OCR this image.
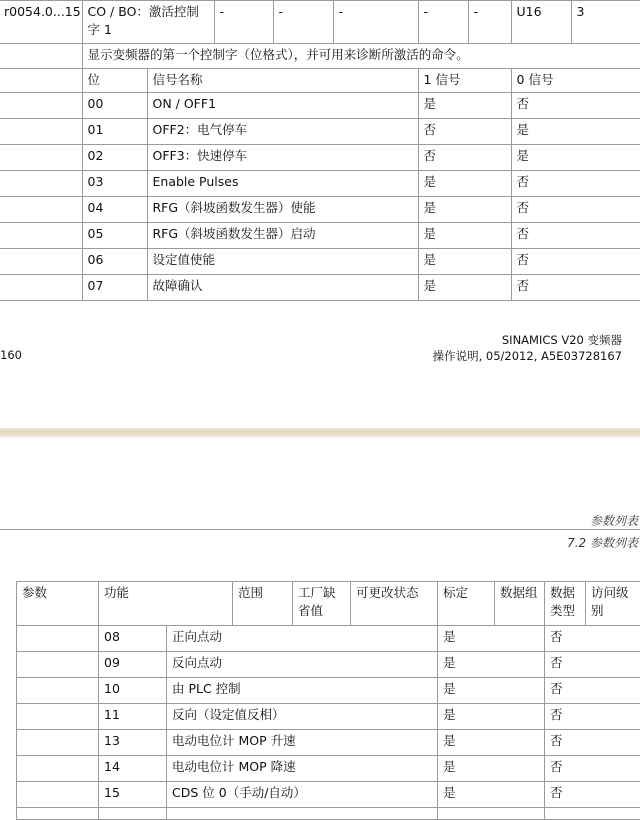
r0054.0...15	CO / BO：激活控制字 1		-	-	-	-	-	U16	3
	显示变频器的第一个控制字（位格式），并可用来诊断所激活的命令。								
	位	信号名称				1 信号		0 信号	
	00	ON / OFF1				是		否	
	01	OFF2：电气停车				否		是	
	02	OFF3：快速停车				否		是	
	03	Enable Pulses				是		否	
	04	RFG（斜坡函数发生器）使能				是		否	
	05	RFG（斜坡函数发生器）启动				是		否	
	06	设定值使能				是		否	
	07	故障确认				是		否	
SINAMICS V20 变频器
160	操作说明, 05/2012, A5E03728167
参数列表
7.2 参数列表
参数	功能		范围	工厂缺省值	可更改状态	标定	数据组	数据类型	访问级别
	08	正向点动				是		否	
	09	反向点动				是		否	
	10	由 PLC 控制				是		否	
	11	反向（设定值反相）				是		否	
	13	电动电位计 MOP 升速				是		否	
	14	电动电位计 MOP 降速				是		否	
	15	CDS 位 0（手动/自动）				是		否	
